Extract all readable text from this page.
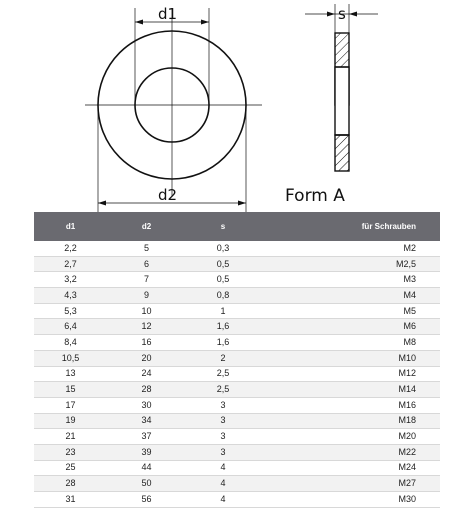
d1
d2
s
Form A
d1	d2	s	für Schrauben
2,2	5	0,3	M2
2,7	6	0,5	M2,5
3,2	7	0,5	M3
4,3	9	0,8	M4
5,3	10	1	M5
6,4	12	1,6	M6
8,4	16	1,6	M8
10,5	20	2	M10
13	24	2,5	M12
15	28	2,5	M14
17	30	3	M16
19	34	3	M18
21	37	3	M20
23	39	3	M22
25	44	4	M24
28	50	4	M27
31	56	4	M30
